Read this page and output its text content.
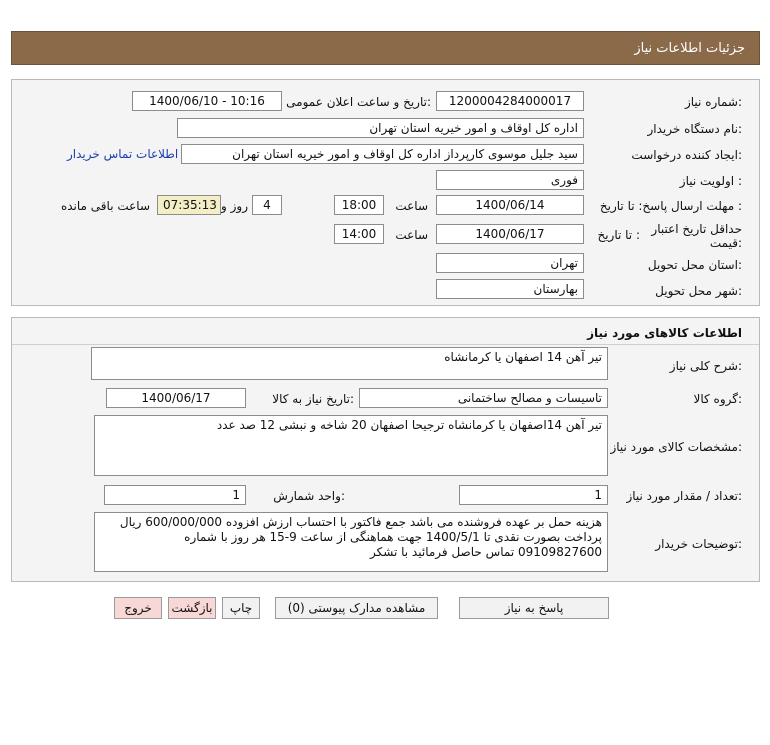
جزئیات اطلاعات نیاز
شماره نیاز:
1200004284000017
تاریخ و ساعت اعلان عمومی:
1400/06/10 - 10:16
نام دستگاه خریدار:
اداره کل اوقاف و امور خیریه استان تهران
ایجاد کننده درخواست:
سید جلیل موسوی کارپرداز اداره کل اوقاف و امور خیریه استان تهران
اطلاعات تماس خریدار
اولویت نیاز :
فوری
مهلت ارسال پاسخ: تا تاریخ :
1400/06/14
ساعت
18:00
4
روز و
07:35:13
ساعت باقی مانده
حداقل تاریخ اعتبار قیمت:
تا تاریخ :
1400/06/17
ساعت
14:00
استان محل تحویل:
تهران
شهر محل تحویل:
بهارستان
اطلاعات کالاهای مورد نیاز
شرح کلی نیاز:
تیر آهن 14 اصفهان یا کرمانشاه
گروه کالا:
تاسیسات و مصالح ساختمانی
تاریخ نیاز به کالا:
1400/06/17
مشخصات کالای مورد نیاز:
تیر آهن 14اصفهان یا کرمانشاه ترجیحا اصفهان 20 شاخه و نبشی 12 صد عدد
تعداد / مقدار مورد نیاز:
1
واحد شمارش:
1
توضیحات خریدار:
هزینه حمل بر عهده فروشنده می باشد جمع فاکتور با احتساب ارزش افزوده 600/000/000 ریال پرداخت بصورت نقدی تا 1400/5/1 جهت هماهنگی از ساعت 9-15 هر روز با شماره 09109827600 تماس حاصل فرمائید با تشکر
پاسخ به نیاز
مشاهده مدارک پیوستی (0)
چاپ
بازگشت
خروج
